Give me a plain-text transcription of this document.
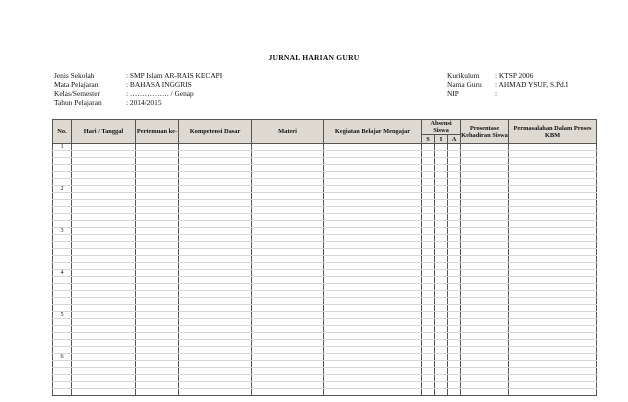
JURNAL HARIAN GURU
Jenis Sekolah	: SMP Islam AR-RAIS KECAPI
Mata Pelajaran	: BAHASA INGGRIS
Kelas/Semester	: ……………. / Genap
Tahun Pelajaran	: 2014/2015
Kurikulum	: KTSP 2006
Nama Guru	: AHMAD YSUF, S.Pd.I
NIP	:
No.	Hari / Tanggal	Pertemuan ke-	Kompetensi Dasar	Materi	Kegiatan Belajar Mengajar	Absensi Siswa			Prosentase Kehadiran Siswa	Permasalahan Dalam Proses KBM
						S	I	A		
1										

2										

3										

4										

5										

6										
